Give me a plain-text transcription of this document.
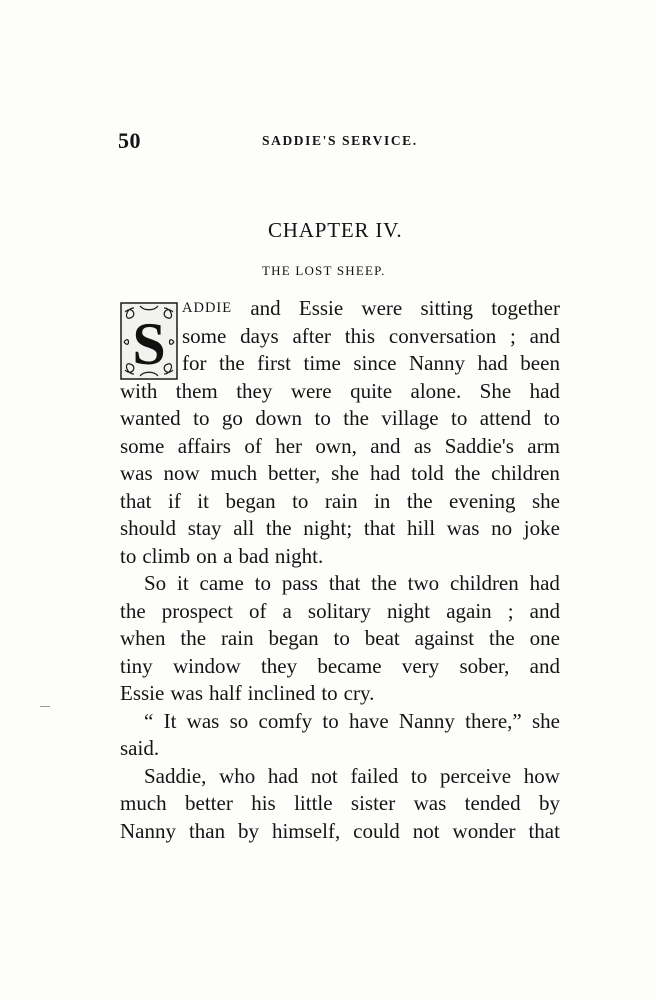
50	SADDIE'S SERVICE.
CHAPTER IV.
THE LOST SHEEP.
S
ADDIE and Essie were sitting together
some days after this conversation ; and
for the first time since Nanny had been
with them they were quite alone. She had
wanted to go down to the village to attend to
some affairs of her own, and as Saddie's arm
was now much better, she had told the children
that if it began to rain in the evening she
should stay all the night; that hill was no joke
to climb on a bad night.
So it came to pass that the two children had
the prospect of a solitary night again ; and
when the rain began to beat against the one
tiny window they became very sober, and
Essie was half inclined to cry.
“ It was so comfy to have Nanny there,” she
said.
Saddie, who had not failed to perceive how
much better his little sister was tended by
Nanny than by himself, could not wonder that
